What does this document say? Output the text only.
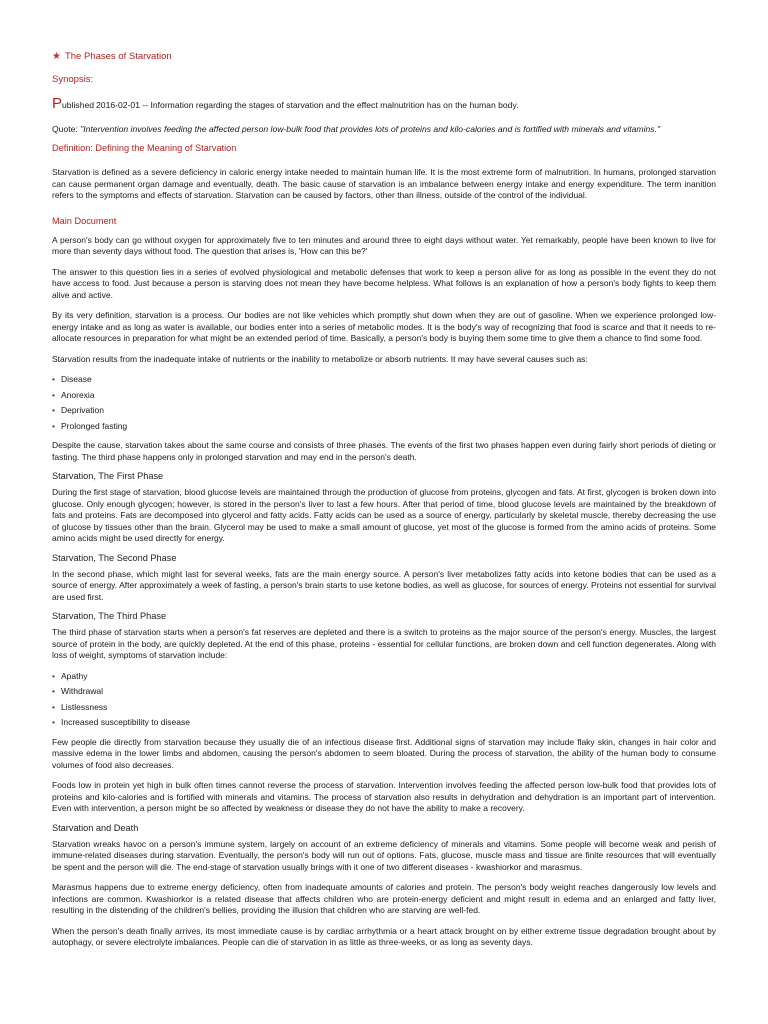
★ The Phases of Starvation
Synopsis:
P ublished 2016-02-01 -- Information regarding the stages of starvation and the effect malnutrition has on the human body.
Quote: "Intervention involves feeding the affected person low-bulk food that provides lots of proteins and kilo-calories and is fortified with minerals and vitamins."
Definition: Defining the Meaning of Starvation

Starvation is defined as a severe deficiency in caloric energy intake needed to maintain human life. It is the most extreme form of malnutrition. In humans, prolonged starvation can cause permanent organ damage and eventually, death. The basic cause of starvation is an imbalance between energy intake and energy expenditure. The term inanition refers to the symptoms and effects of starvation. Starvation can be caused by factors, other than illness, outside of the control of the individual.

Main Document

A person's body can go without oxygen for approximately five to ten minutes and around three to eight days without water. Yet remarkably, people have been known to live for more than seventy days without food. The question that arises is, 'How can this be?'

The answer to this question lies in a series of evolved physiological and metabolic defenses that work to keep a person alive for as long as possible in the event they do not have access to food. Just because a person is starving does not mean they have become helpless. What follows is an explanation of how a person's body fights to keep them alive and active.

By its very definition, starvation is a process. Our bodies are not like vehicles which promptly shut down when they are out of gasoline. When we experience prolonged low-energy intake and as long as water is available, our bodies enter into a series of metabolic modes. It is the body's way of recognizing that food is scarce and that it needs to re-allocate resources in preparation for what might be an extended period of time. Basically, a person's body is buying them some time to give them a chance to find some food.

Starvation results from the inadequate intake of nutrients or the inability to metabolize or absorb nutrients. It may have several causes such as:

• Disease
• Anorexia
• Deprivation
• Prolonged fasting

Despite the cause, starvation takes about the same course and consists of three phases. The events of the first two phases happen even during fairly short periods of dieting or fasting. The third phase happens only in prolonged starvation and may end in the person's death.

Starvation, The First Phase

During the first stage of starvation, blood glucose levels are maintained through the production of glucose from proteins, glycogen and fats. At first, glycogen is broken down into glucose. Only enough glycogen; however, is stored in the person's liver to last a few hours. After that period of time, blood glucose levels are maintained by the breakdown of fats and proteins. Fats are decomposed into glycerol and fatty acids. Fatty acids can be used as a source of energy, particularly by skeletal muscle, thereby decreasing the use of glucose by tissues other than the brain. Glycerol may be used to make a small amount of glucose, yet most of the glucose is formed from the amino acids of proteins. Some amino acids might be used directly for energy.

Starvation, The Second Phase

In the second phase, which might last for several weeks, fats are the main energy source. A person's liver metabolizes fatty acids into ketone bodies that can be used as a source of energy. After approximately a week of fasting, a person's brain starts to use ketone bodies, as well as glucose, for sources of energy. Proteins not essential for survival are used first.

Starvation, The Third Phase

The third phase of starvation starts when a person's fat reserves are depleted and there is a switch to proteins as the major source of the person's energy. Muscles, the largest source of protein in the body, are quickly depleted. At the end of this phase, proteins - essential for cellular functions, are broken down and cell function degenerates. Along with loss of weight, symptoms of starvation include:

• Apathy
• Withdrawal
• Listlessness
• Increased susceptibility to disease

Few people die directly from starvation because they usually die of an infectious disease first. Additional signs of starvation may include flaky skin, changes in hair color and massive edema in the lower limbs and abdomen, causing the person's abdomen to seem bloated. During the process of starvation, the ability of the human body to consume volumes of food also decreases.

Foods low in protein yet high in bulk often times cannot reverse the process of starvation. Intervention involves feeding the affected person low-bulk food that provides lots of proteins and kilo-calories and is fortified with minerals and vitamins. The process of starvation also results in dehydration and dehydration is an important part of intervention. Even with intervention, a person might be so affected by weakness or disease they do not have the ability to make a recovery.

Starvation and Death

Starvation wreaks havoc on a person's immune system, largely on account of an extreme deficiency of minerals and vitamins. Some people will become weak and perish of immune-related diseases during starvation. Eventually, the person's body will run out of options. Fats, glucose, muscle mass and tissue are finite resources that will eventually be spent and the person will die. The end-stage of starvation usually brings with it one of two different diseases - kwashiorkor and marasmus.

Marasmus happens due to extreme energy deficiency, often from inadequate amounts of calories and protein. The person's body weight reaches dangerously low levels and infections are common. Kwashiorkor is a related disease that affects children who are protein-energy deficient and might result in edema and an enlarged and fatty liver, resulting in the distending of the children's bellies, providing the illusion that children who are starving are well-fed.

When the person's death finally arrives, its most immediate cause is by cardiac arrhythmia or a heart attack brought on by either extreme tissue degradation brought about by autophagy, or severe electrolyte imbalances. People can die of starvation in as little as three-weeks, or as long as seventy days.
